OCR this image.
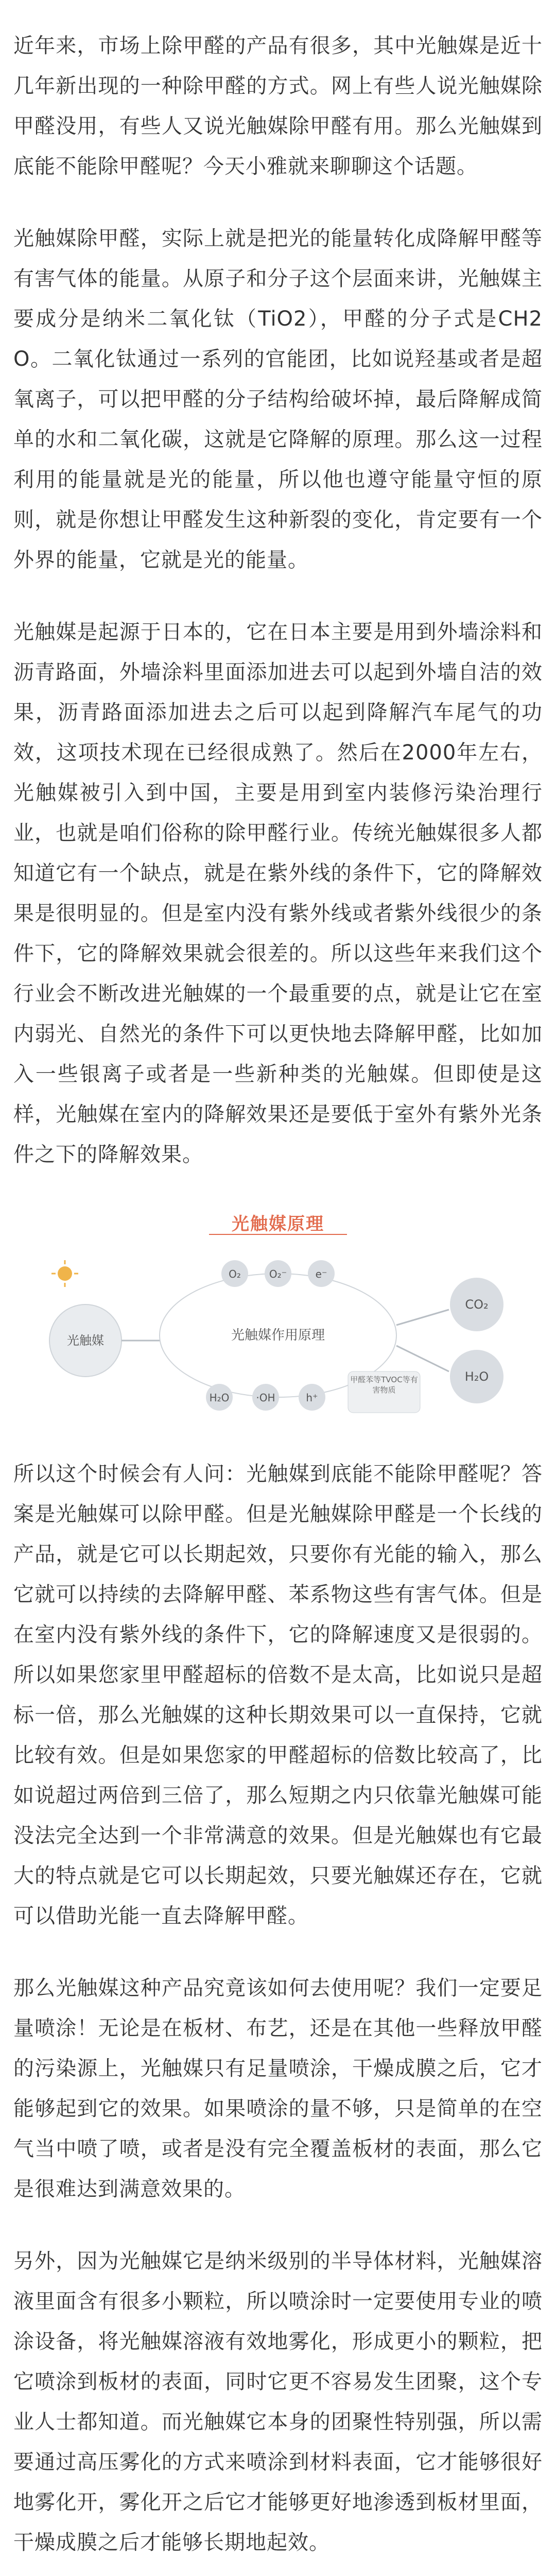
近年来，市场上除甲醛的产品有很多，其中光触媒是近十几年新出现的一种除甲醛的方式。网上有些人说光触媒除甲醛没用，有些人又说光触媒除甲醛有用。那么光触媒到底能不能除甲醛呢？今天小雅就来聊聊这个话题。

光触媒除甲醛，实际上就是把光的能量转化成降解甲醛等有害气体的能量。从原子和分子这个层面来讲，光触媒主要成分是纳米二氧化钛（TiO2），甲醛的分子式是CH2O。二氧化钛通过一系列的官能团，比如说羟基或者是超氧离子，可以把甲醛的分子结构给破坏掉，最后降解成简单的水和二氧化碳，这就是它降解的原理。那么这一过程利用的能量就是光的能量，所以他也遵守能量守恒的原则，就是你想让甲醛发生这种新裂的变化，肯定要有一个外界的能量，它就是光的能量。

光触媒是起源于日本的，它在日本主要是用到外墙涂料和沥青路面，外墙涂料里面添加进去可以起到外墙自洁的效果，沥青路面添加进去之后可以起到降解汽车尾气的功效，这项技术现在已经很成熟了。然后在2000年左右，光触媒被引入到中国，主要是用到室内装修污染治理行业，也就是咱们俗称的除甲醛行业。传统光触媒很多人都知道它有一个缺点，就是在紫外线的条件下，它的降解效果是很明显的。但是室内没有紫外线或者紫外线很少的条件下，它的降解效果就会很差的。所以这些年来我们这个行业会不断改进光触媒的一个最重要的点，就是让它在室内弱光、自然光的条件下可以更快地去降解甲醛，比如加入一些银离子或者是一些新种类的光触媒。但即使是这样，光触媒在室内的降解效果还是要低于室外有紫外光条件之下的降解效果。

光触媒原理
光触媒	光触媒作用原理
O₂	O₂⁻	e⁻
H₂O	·OH	h⁺
CO₂
H₂O
甲醛苯等TVOC等有害物质

所以这个时候会有人问：光触媒到底能不能除甲醛呢？答案是光触媒可以除甲醛。但是光触媒除甲醛是一个长线的产品，就是它可以长期起效，只要你有光能的输入，那么它就可以持续的去降解甲醛、苯系物这些有害气体。但是在室内没有紫外线的条件下，它的降解速度又是很弱的。所以如果您家里甲醛超标的倍数不是太高，比如说只是超标一倍，那么光触媒的这种长期效果可以一直保持，它就比较有效。但是如果您家的甲醛超标的倍数比较高了，比如说超过两倍到三倍了，那么短期之内只依靠光触媒可能没法完全达到一个非常满意的效果。但是光触媒也有它最大的特点就是它可以长期起效，只要光触媒还存在，它就可以借助光能一直去降解甲醛。

那么光触媒这种产品究竟该如何去使用呢？我们一定要足量喷涂！无论是在板材、布艺，还是在其他一些释放甲醛的污染源上，光触媒只有足量喷涂，干燥成膜之后，它才能够起到它的效果。如果喷涂的量不够，只是简单的在空气当中喷了喷，或者是没有完全覆盖板材的表面，那么它是很难达到满意效果的。

另外，因为光触媒它是纳米级别的半导体材料，光触媒溶液里面含有很多小颗粒，所以喷涂时一定要使用专业的喷涂设备，将光触媒溶液有效地雾化，形成更小的颗粒，把它喷涂到板材的表面，同时它更不容易发生团聚，这个专业人士都知道。而光触媒它本身的团聚性特别强，所以需要通过高压雾化的方式来喷涂到材料表面，它才能够很好地雾化开，雾化开之后它才能够更好地渗透到板材里面，干燥成膜之后才能够长期地起效。
